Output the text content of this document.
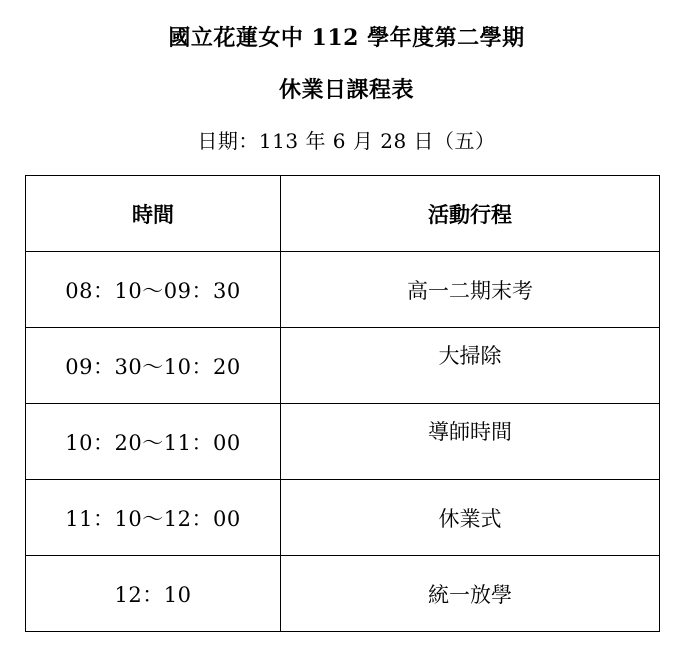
國立花蓮女中 112 學年度第二學期
休業日課程表
日期：113 年 6 月 28 日（五）
時間	活動行程
08：10～09：30	高一二期末考
09：30～10：20	大掃除
10：20～11：00	導師時間
11：10～12：00	休業式
12：10	統一放學
